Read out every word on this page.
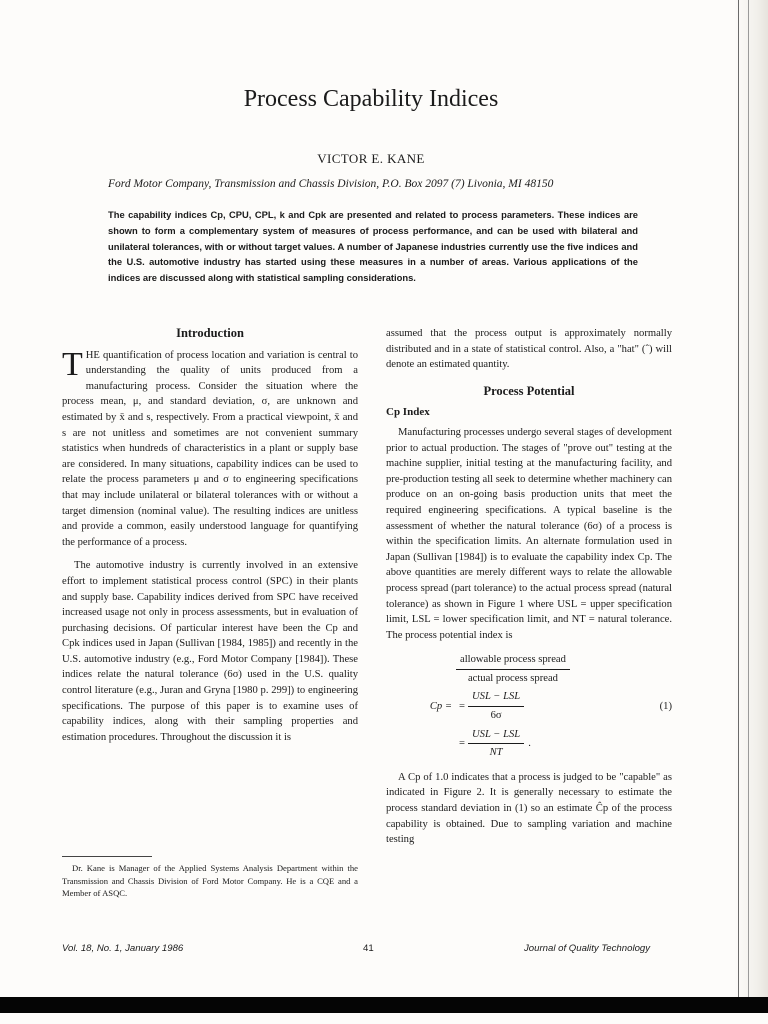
Process Capability Indices
VICTOR E. KANE
Ford Motor Company, Transmission and Chassis Division, P.O. Box 2097 (7) Livonia, MI 48150
The capability indices Cp, CPU, CPL, k and Cpk are presented and related to process parameters. These indices are shown to form a complementary system of measures of process performance, and can be used with bilateral and unilateral tolerances, with or without target values. A number of Japanese industries currently use the five indices and the U.S. automotive industry has started using these measures in a number of areas. Various applications of the indices are discussed along with statistical sampling considerations.
Introduction

THE quantification of process location and variation is central to understanding the quality of units produced from a manufacturing process. Consider the situation where the process mean, μ, and standard deviation, σ, are unknown and estimated by x̄ and s, respectively. From a practical viewpoint, x̄ and s are not unitless and sometimes are not convenient summary statistics when hundreds of characteristics in a plant or supply base are considered. In many situations, capability indices can be used to relate the process parameters μ and σ to engineering specifications that may include unilateral or bilateral tolerances with or without a target dimension (nominal value). The resulting indices are unitless and provide a common, easily understood language for quantifying the performance of a process.

The automotive industry is currently involved in an extensive effort to implement statistical process control (SPC) in their plants and supply base. Capability indices derived from SPC have received increased usage not only in process assessments, but in evaluation of purchasing decisions. Of particular interest have been the Cp and Cpk indices used in Japan (Sullivan [1984, 1985]) and recently in the U.S. automotive industry (e.g., Ford Motor Company [1984]). These indices relate the natural tolerance (6σ) used in the U.S. quality control literature (e.g., Juran and Gryna [1980 p. 299]) to engineering specifications. The purpose of this paper is to examine uses of capability indices, along with their sampling properties and estimation procedures. Throughout the discussion it is

assumed that the process output is approximately normally distributed and in a state of statistical control. Also, a "hat" (ˆ) will denote an estimated quantity.

Process Potential
Cp Index

Manufacturing processes undergo several stages of development prior to actual production. The stages of "prove out" testing at the machine supplier, initial testing at the manufacturing facility, and pre-production testing all seek to determine whether machinery can produce on an on-going basis production units that meet the required engineering specifications. A typical baseline is the assessment of whether the natural tolerance (6σ) of a process is within the specification limits. An alternate formulation used in Japan (Sullivan [1984]) is to evaluate the capability index Cp. The above quantities are merely different ways to relate the allowable process spread (part tolerance) to the actual process spread (natural tolerance) as shown in Figure 1 where USL = upper specification limit, LSL = lower specification limit, and NT = natural tolerance. The process potential index is

Cp =
$\frac{\text{allowable process spread}}{\text{actual process spread}}$
= $\frac{\text{USL − LSL}}{6\sigma}$
= $\frac{\text{USL − LSL}}{NT}$ .
(1)

A Cp of 1.0 indicates that a process is judged to be "capable" as indicated in Figure 2. It is generally necessary to estimate the process standard deviation in (1) so an estimate Ĉp of the process capability is obtained. Due to sampling variation and machine testing

Dr. Kane is Manager of the Applied Systems Analysis Department within the Transmission and Chassis Division of Ford Motor Company. He is a CQE and a Member of ASQC.
Vol. 18, No. 1, January 1986	41	Journal of Quality Technology
